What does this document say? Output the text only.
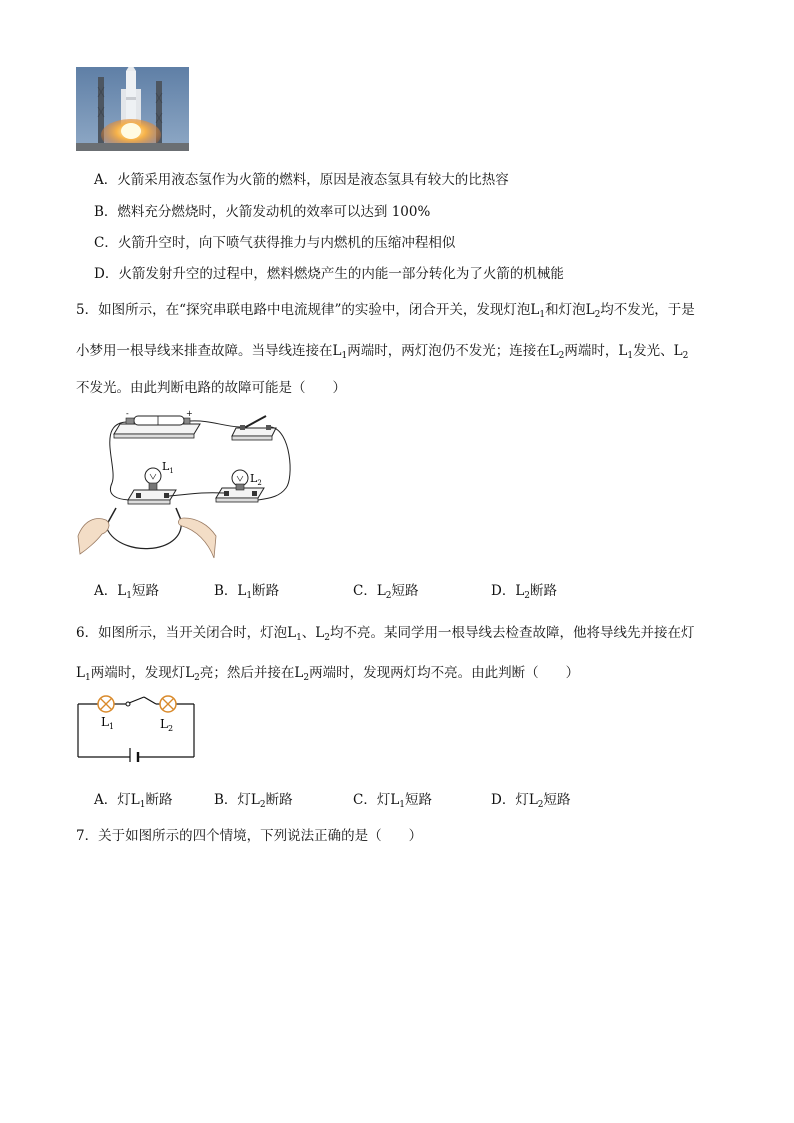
A．火箭采用液态氢作为火箭的燃料，原因是液态氢具有较大的比热容
B．燃料充分燃烧时，火箭发动机的效率可以达到 100%
C．火箭升空时，向下喷气获得推力与内燃机的压缩冲程相似
D．火箭发射升空的过程中，燃料燃烧产生的内能一部分转化为了火箭的机械能
5．如图所示，在“探究串联电路中电流规律”的实验中，闭合开关，发现灯泡$L_1$和灯泡$L_2$均不发光，于是
小梦用一根导线来排查故障。当导线连接在$L_1$两端时，两灯泡仍不发光；连接在$L_2$两端时，$L_1$发光、$L_2$
不发光。由此判断电路的故障可能是（　　）
-	+
$L_1$
$L_2$
A．$L_1$短路	B．$L_1$断路	C．$L_2$短路	D．$L_2$断路
6．如图所示，当开关闭合时，灯泡$L_1$、$L_2$均不亮。某同学用一根导线去检查故障，他将导线先并接在灯
$L_1$两端时，发现灯$L_2$亮；然后并接在$L_2$两端时，发现两灯均不亮。由此判断（　　）
$L_1$	$L_2$
A．灯$L_1$断路	B．灯$L_2$断路	C．灯$L_1$短路	D．灯$L_2$短路
7．关于如图所示的四个情境，下列说法正确的是（　　）
